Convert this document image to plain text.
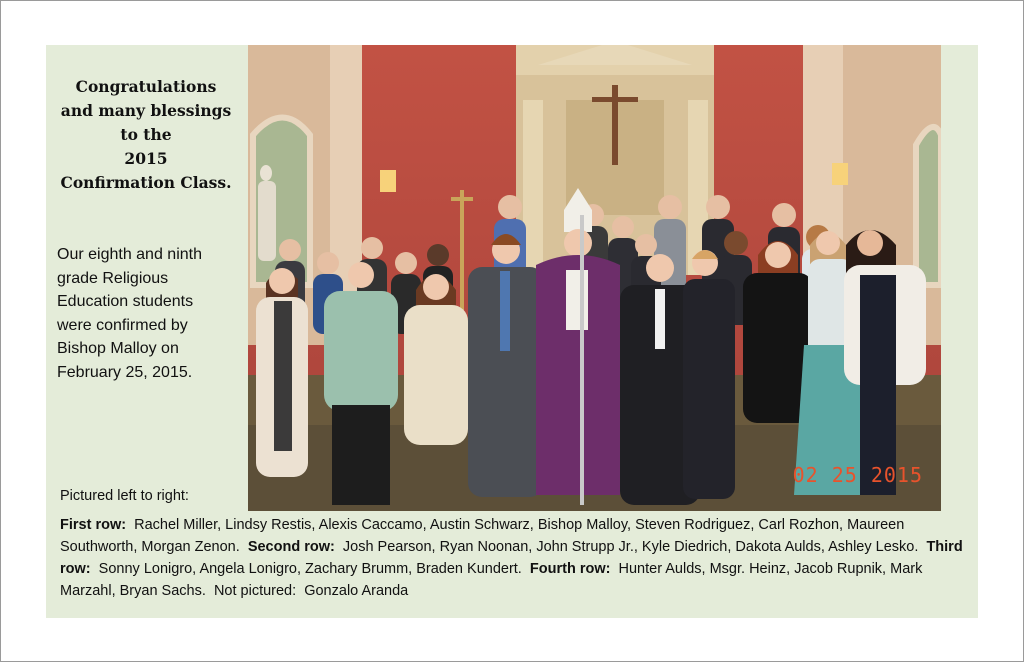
Congratulations
and many blessings
to the
2015
Confirmation Class.
Our eighth and ninth
grade Religious
Education students
were confirmed by
Bishop Malloy on
February 25, 2015.
02 25 2015
Pictured left to right:
First row: Rachel Miller, Lindsy Restis, Alexis Caccamo, Austin Schwarz, Bishop Malloy, Steven Rodriguez, Carl Rozhon, Maureen Southworth, Morgan Zenon. Second row: Josh Pearson, Ryan Noonan, John Strupp Jr., Kyle Diedrich, Dakota Aulds, Ashley Lesko. Third row: Sonny Lonigro, Angela Lonigro, Zachary Brumm, Braden Kundert. Fourth row: Hunter Aulds, Msgr. Heinz, Jacob Rupnik, Mark Marzahl, Bryan Sachs. Not pictured: Gonzalo Aranda
